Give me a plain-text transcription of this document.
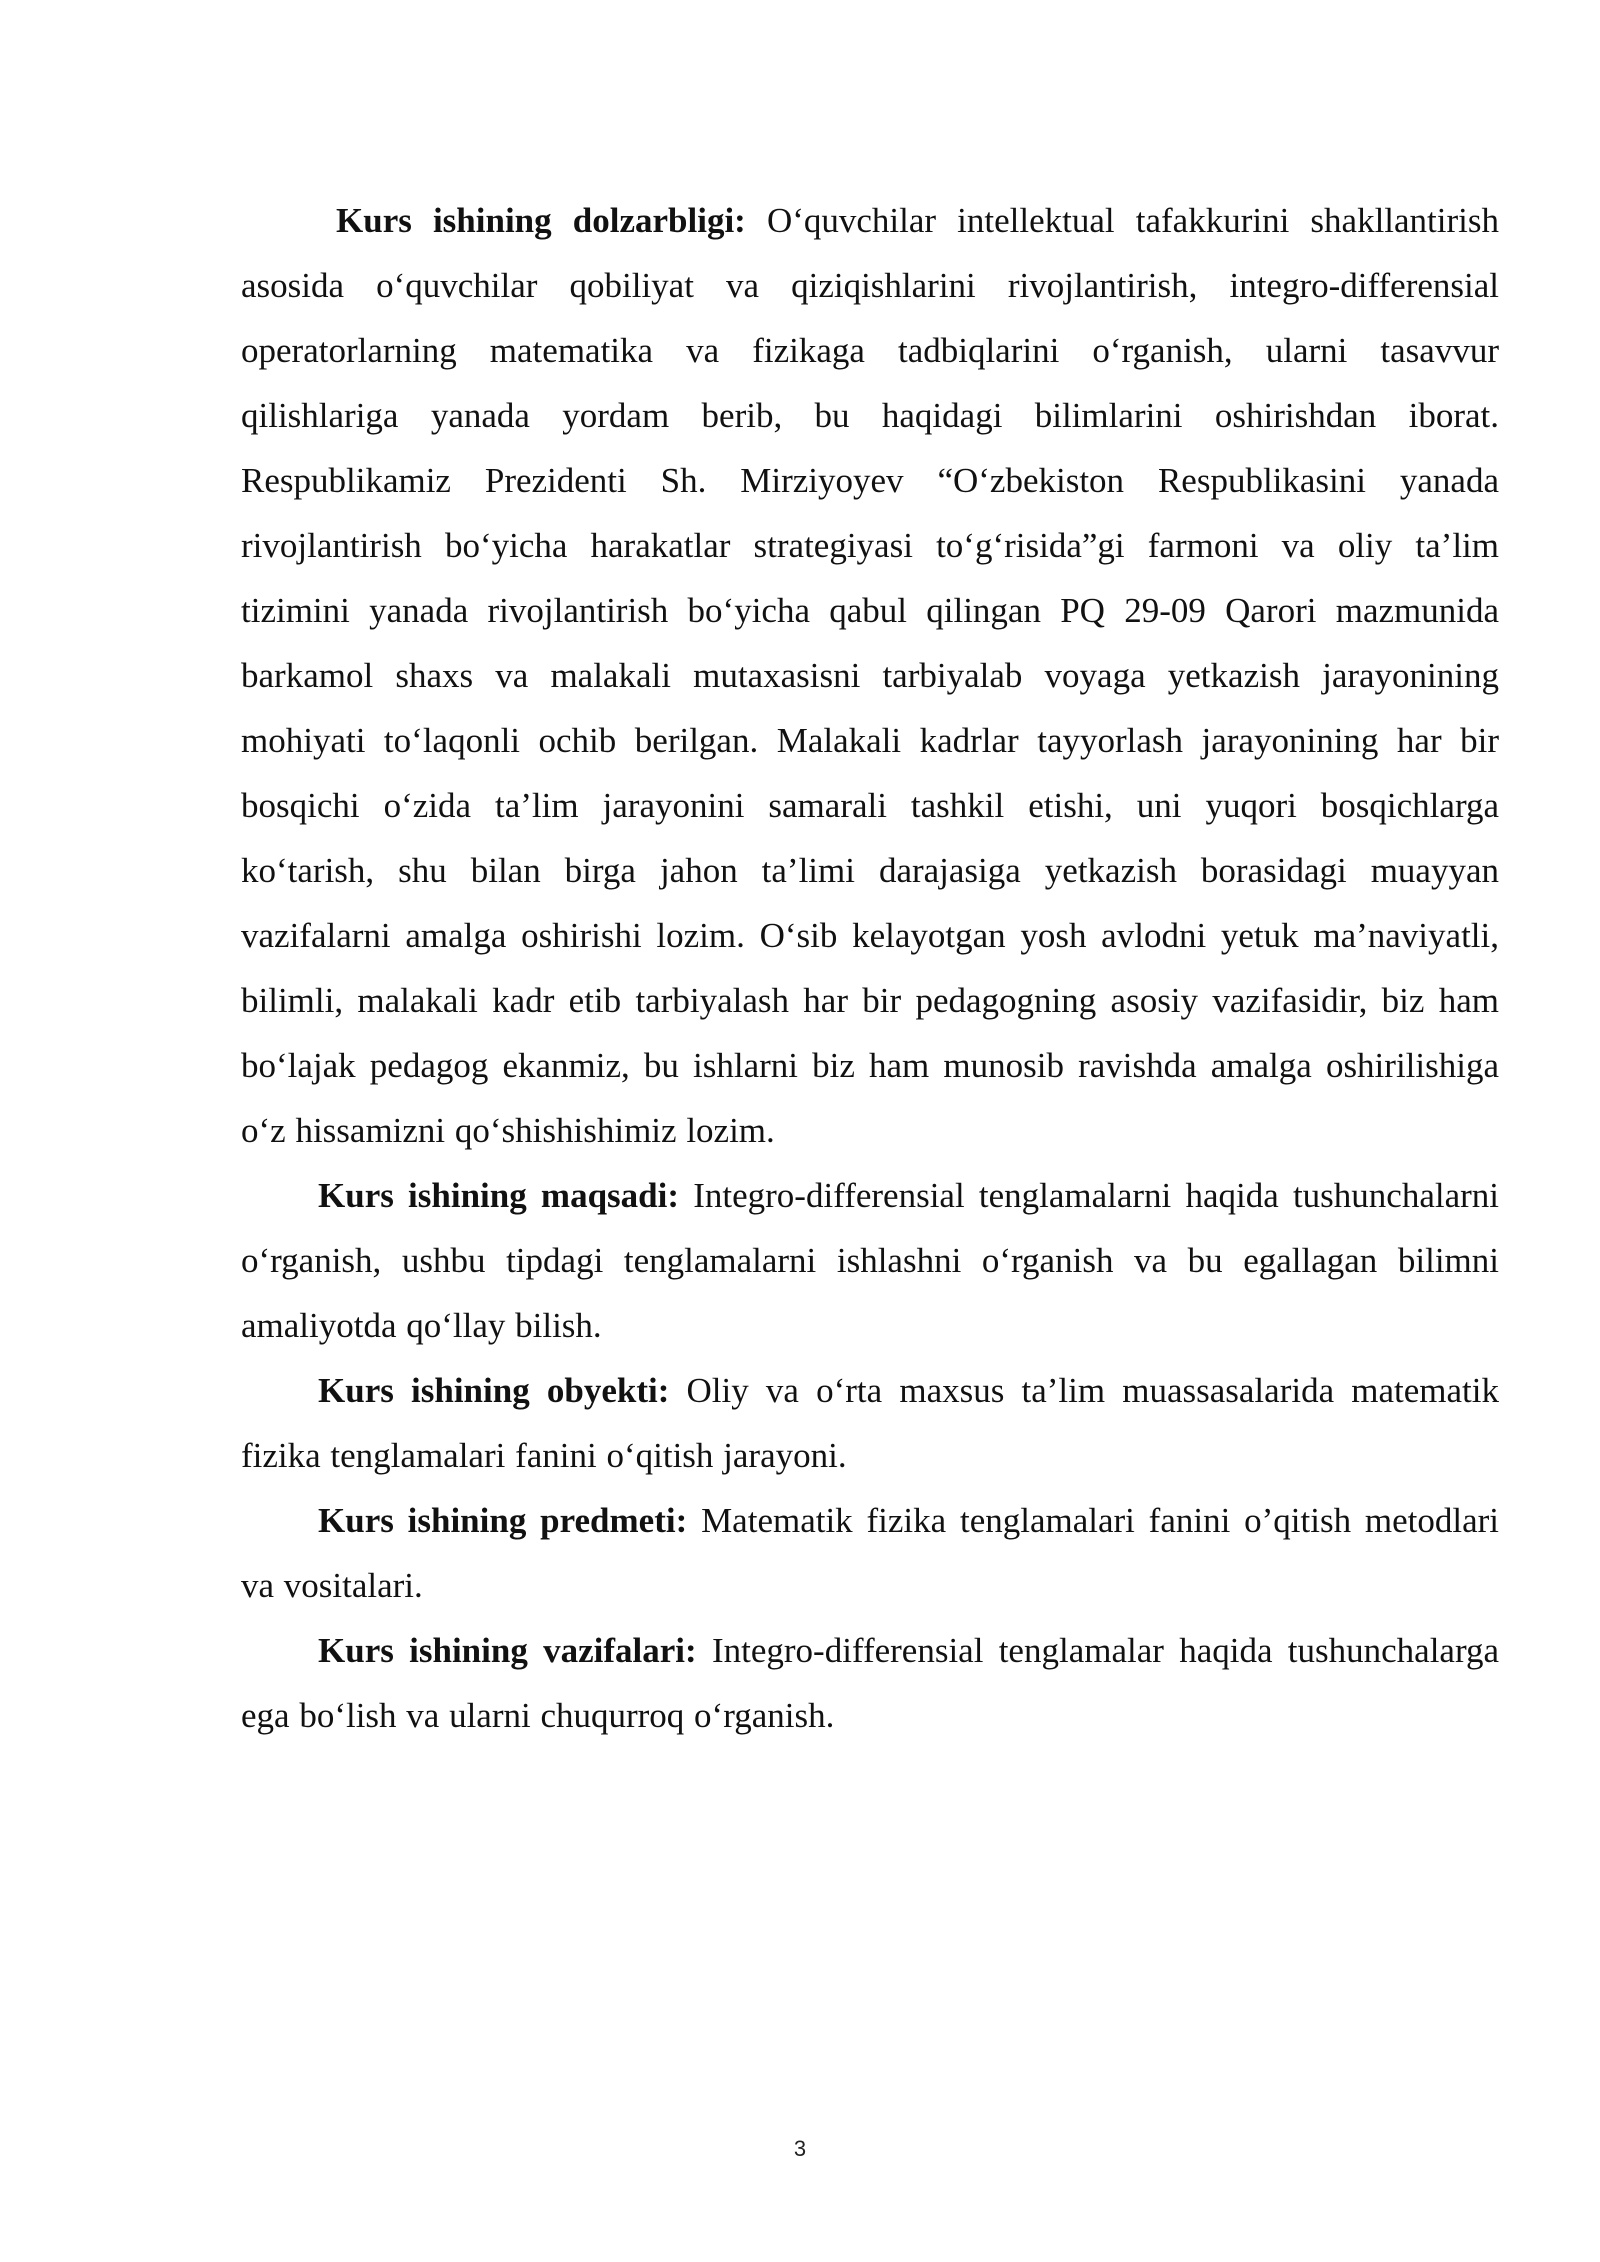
Kurs ishining dolzarbligi: O‘quvchilar intellektual tafakkurini shakllantirish asosida o‘quvchilar qobiliyat va qiziqishlarini rivojlantirish, integro-differensial operatorlarning matematika va fizikaga tadbiqlarini o‘rganish, ularni tasavvur qilishlariga yanada yordam berib, bu haqidagi bilimlarini oshirishdan iborat. Respublikamiz Prezidenti Sh. Mirziyoyev “O‘zbekiston Respublikasini yanada rivojlantirish bo‘yicha harakatlar strategiyasi to‘g‘risida”gi farmoni va oliy ta’lim tizimini yanada rivojlantirish bo‘yicha qabul qilingan PQ 29-09 Qarori mazmunida barkamol shaxs va malakali mutaxasisni tarbiyalab voyaga yetkazish jarayonining mohiyati to‘laqonli ochib berilgan. Malakali kadrlar tayyorlash jarayonining har bir bosqichi o‘zida ta’lim jarayonini samarali tashkil etishi, uni yuqori bosqichlarga ko‘tarish, shu bilan birga jahon ta’limi darajasiga yetkazish borasidagi muayyan vazifalarni amalga oshirishi lozim. O‘sib kelayotgan yosh avlodni yetuk ma’naviyatli, bilimli, malakali kadr etib tarbiyalash har bir pedagogning asosiy vazifasidir, biz ham bo‘lajak pedagog ekanmiz, bu ishlarni biz ham munosib ravishda amalga oshirilishiga o‘z hissamizni qo‘shishishimiz lozim.

Kurs ishining maqsadi: Integro-differensial tenglamalarni haqida tushunchalarni o‘rganish, ushbu tipdagi tenglamalarni ishlashni o‘rganish va bu egallagan bilimni amaliyotda qo‘llay bilish.

Kurs ishining obyekti: Oliy va o‘rta maxsus ta’lim muassasalarida matematik fizika tenglamalari fanini o‘qitish jarayoni.

Kurs ishining predmeti: Matematik fizika tenglamalari fanini o’qitish metodlari va vositalari.

Kurs ishining vazifalari: Integro-differensial tenglamalar haqida tushunchalarga ega bo‘lish va ularni chuqurroq o‘rganish.

3
